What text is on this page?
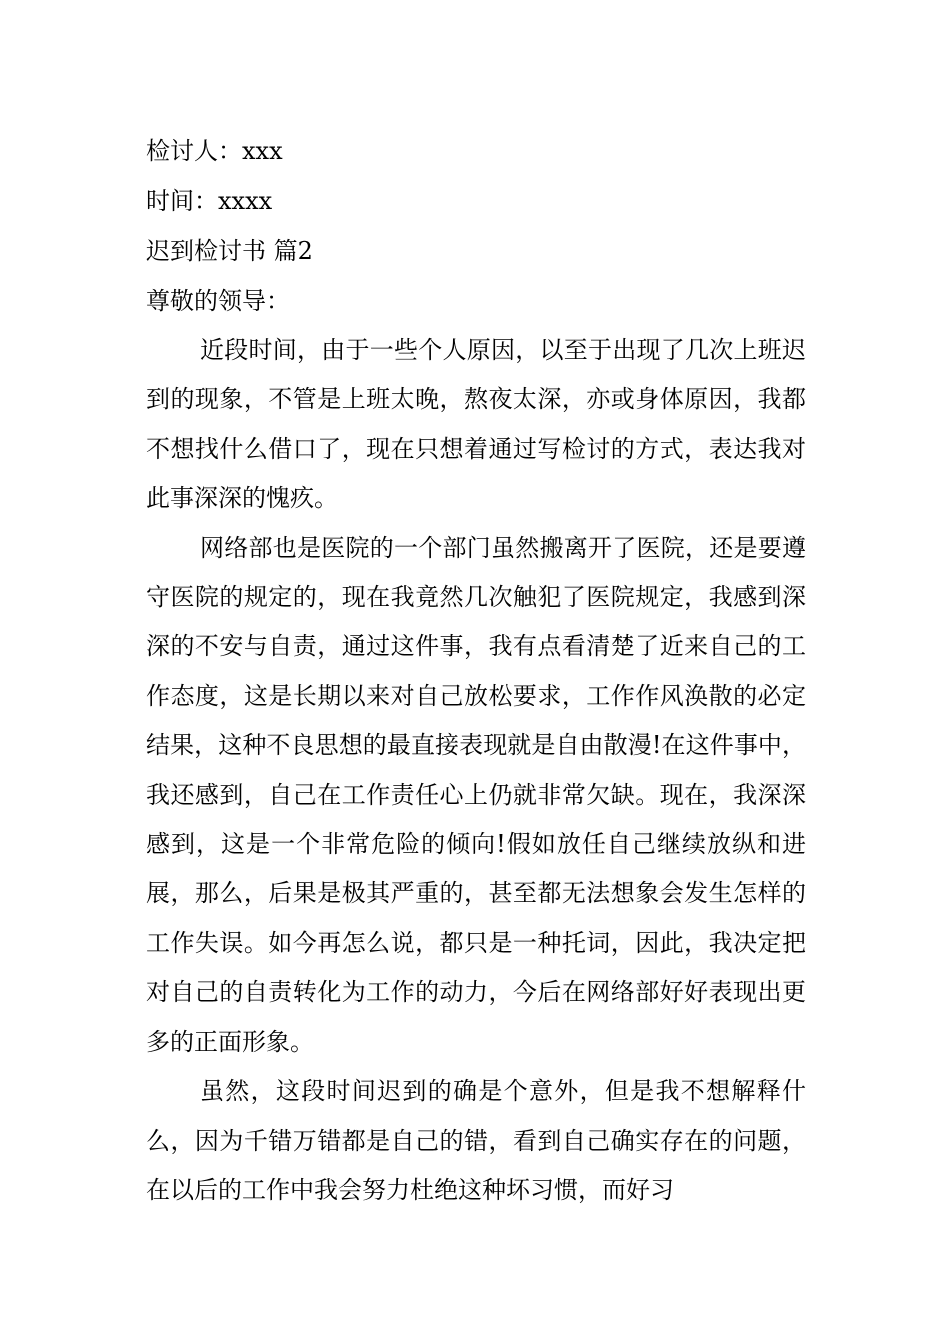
检讨人：xxx
时间：xxxx
迟到检讨书 篇2
尊敬的领导：

近段时间，由于一些个人原因，以至于出现了几次上班迟到的现象，不管是上班太晚，熬夜太深，亦或身体原因，我都不想找什么借口了，现在只想着通过写检讨的方式，表达我对此事深深的愧疚。

网络部也是医院的一个部门虽然搬离开了医院，还是要遵守医院的规定的，现在我竟然几次触犯了医院规定，我感到深深的不安与自责，通过这件事，我有点看清楚了近来自己的工作态度，这是长期以来对自己放松要求，工作作风涣散的必定结果，这种不良思想的最直接表现就是自由散漫!在这件事中，我还感到，自己在工作责任心上仍就非常欠缺。现在，我深深感到，这是一个非常危险的倾向!假如放任自己继续放纵和进展，那么，后果是极其严重的，甚至都无法想象会发生怎样的工作失误。如今再怎么说，都只是一种托词，因此，我决定把对自己的自责转化为工作的动力，今后在网络部好好表现出更多的正面形象。

虽然，这段时间迟到的确是个意外，但是我不想解释什么，因为千错万错都是自己的错，看到自己确实存在的问题，在以后的工作中我会努力杜绝这种坏习惯，而好习
